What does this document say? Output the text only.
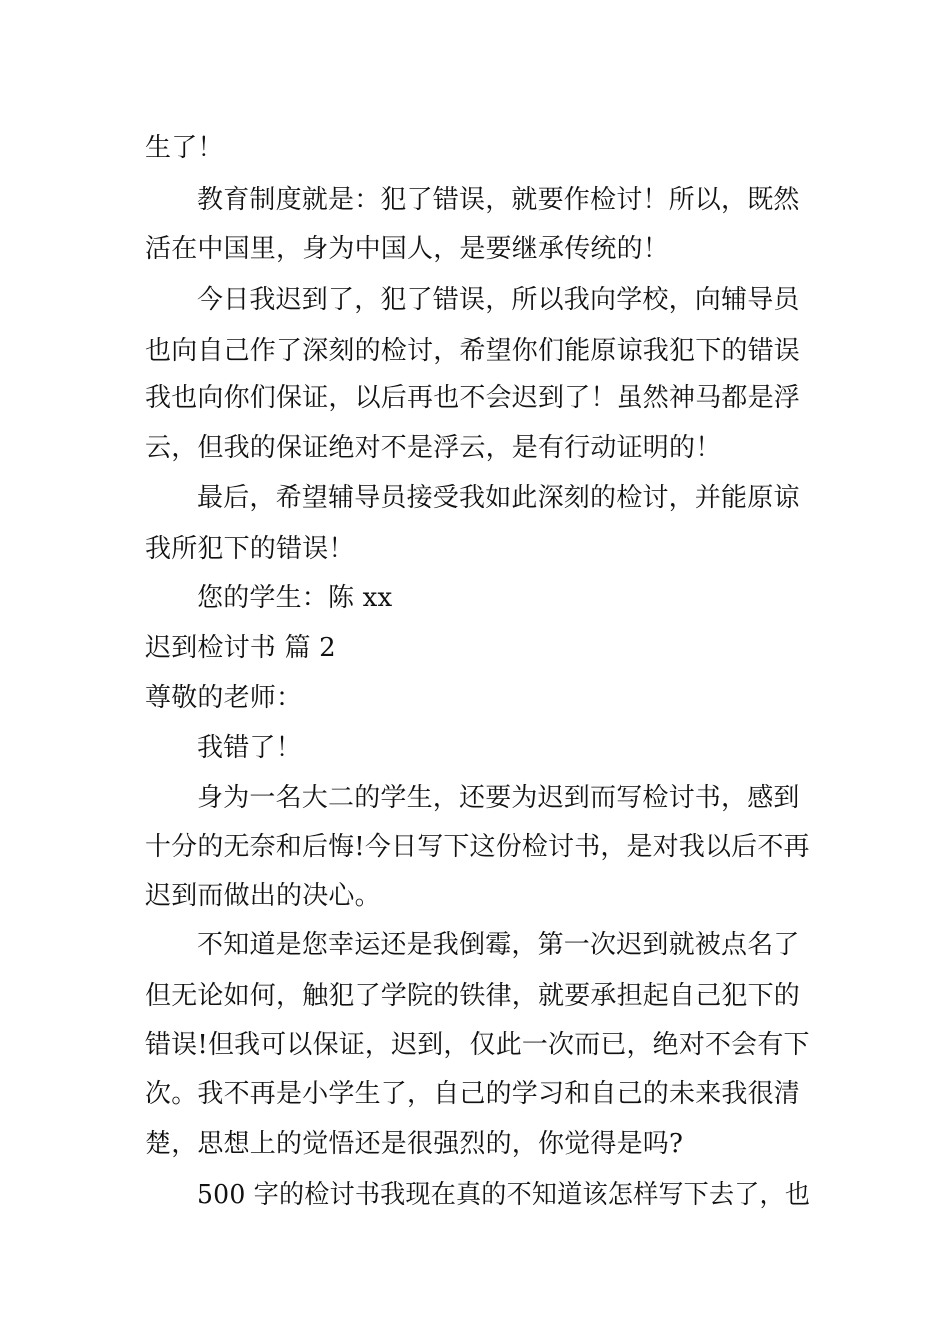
生了！
教育制度就是：犯了错误，就要作检讨！所以，既然
活在中国里，身为中国人，是要继承传统的！
今日我迟到了，犯了错误，所以我向学校，向辅导员
也向自己作了深刻的检讨，希望你们能原谅我犯下的错误
我也向你们保证，以后再也不会迟到了！虽然神马都是浮
云，但我的保证绝对不是浮云，是有行动证明的！
最后，希望辅导员接受我如此深刻的检讨，并能原谅
我所犯下的错误！
您的学生：陈 xx
迟到检讨书 篇 2
尊敬的老师：
我错了！
身为一名大二的学生，还要为迟到而写检讨书，感到
十分的无奈和后悔!今日写下这份检讨书，是对我以后不再
迟到而做出的决心。
不知道是您幸运还是我倒霉，第一次迟到就被点名了
但无论如何，触犯了学院的铁律，就要承担起自己犯下的
错误!但我可以保证，迟到，仅此一次而已，绝对不会有下
次。我不再是小学生了，自己的学习和自己的未来我很清
楚，思想上的觉悟还是很强烈的，你觉得是吗?
500 字的检讨书我现在真的不知道该怎样写下去了，也
